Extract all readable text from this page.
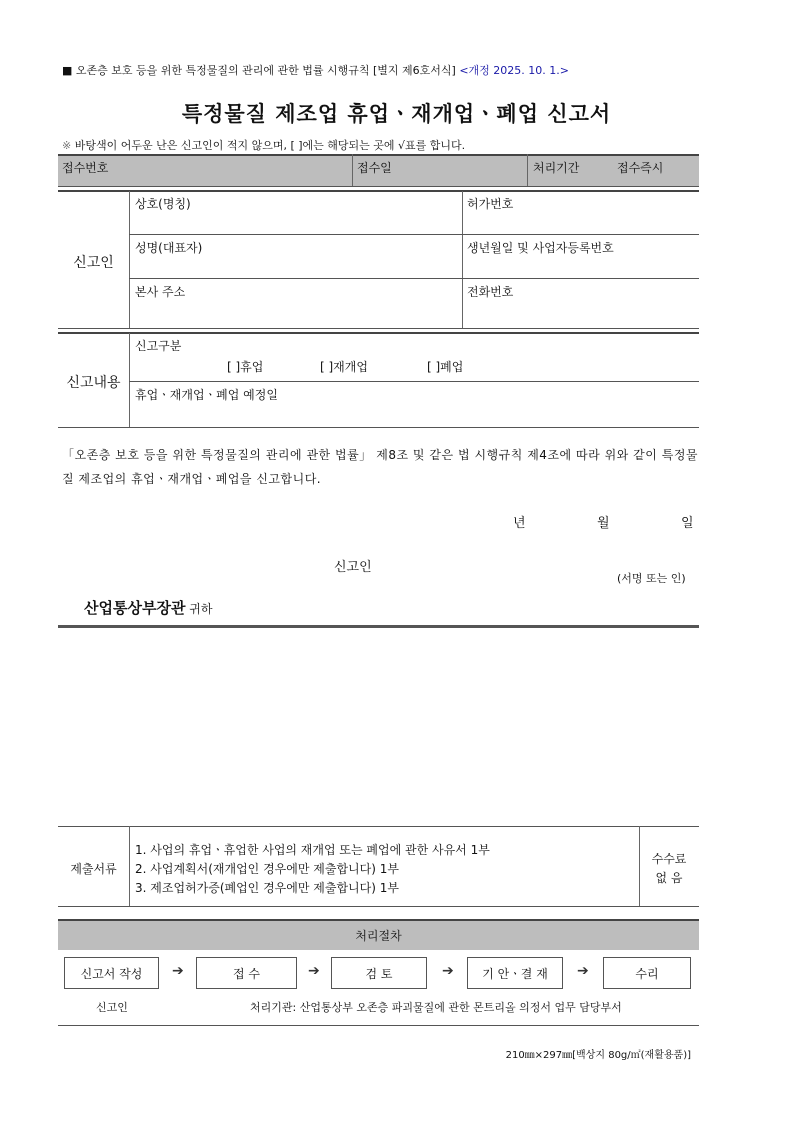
■ 오존층 보호 등을 위한 특정물질의 관리에 관한 법률 시행규칙 [별지 제6호서식] <개정 2025. 10. 1.>
특정물질 제조업 휴업ㆍ재개업ㆍ폐업 신고서
※ 바탕색이 어두운 난은 신고인이 적지 않으며, [ ]에는 해당되는 곳에 √표를 합니다.
접수번호	접수일	처리기간	접수즉시
신고인
상호(명칭)	허가번호
성명(대표자)	생년월일 및 사업자등록번호
본사 주소	전화번호
신고내용
신고구분
[ ]휴업	[ ]재개업	[ ]폐업
휴업ㆍ재개업ㆍ폐업 예정일
「오존층 보호 등을 위한 특정물질의 관리에 관한 법률」 제8조 및 같은 법 시행규칙 제4조에 따라 위와 같이 특정물질 제조업의 휴업ㆍ재개업ㆍ폐업을 신고합니다.
년	월	일
신고인
(서명 또는 인)
산업통상부장관 귀하
제출서류
1. 사업의 휴업ㆍ휴업한 사업의 재개업 또는 폐업에 관한 사유서 1부
2. 사업계획서(재개업인 경우에만 제출합니다) 1부
3. 제조업허가증(폐업인 경우에만 제출합니다) 1부
수수료
없 음
처리절차
신고서 작성	➔	접 수	➔	검 토	➔	기 안ㆍ결 재	➔	수리
신고인	처리기관: 산업통상부 오존층 파괴물질에 관한 몬트리올 의정서 업무 담당부서
210㎜×297㎜[백상지 80g/㎡(재활용품)]
